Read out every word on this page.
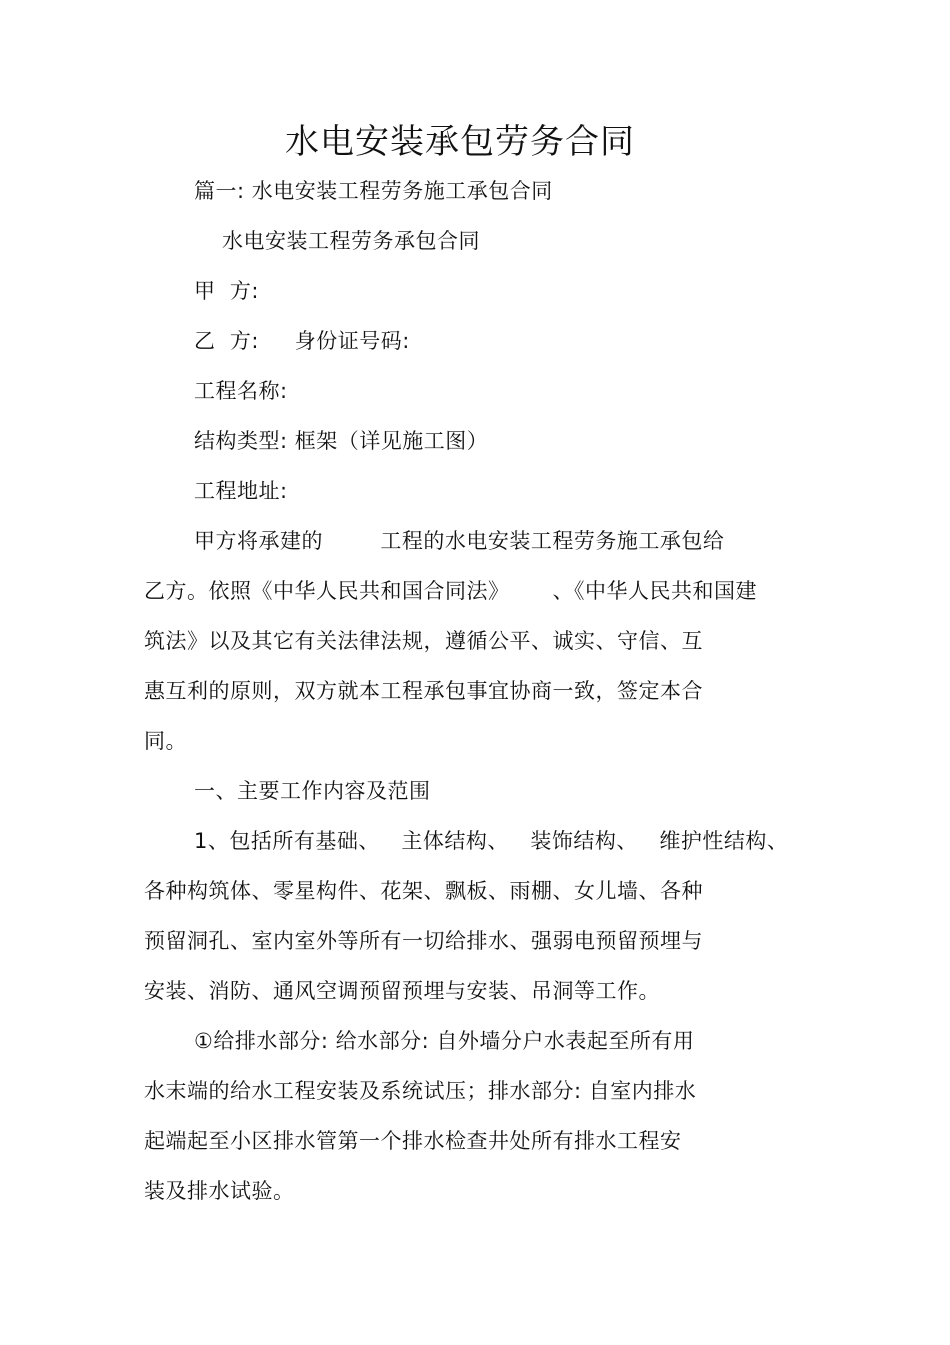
水电安装承包劳务合同
篇一: 水电安装工程劳务施工承包合同
水电安装工程劳务承包合同
甲  方:
乙  方:     身份证号码:
工程名称:
结构类型: 框架（详见施工图）
工程地址:
甲方将承建的        工程的水电安装工程劳务施工承包给
乙方。依照《中华人民共和国合同法》      、《中华人民共和国建
筑法》以及其它有关法律法规，遵循公平、诚实、守信、互
惠互利的原则，双方就本工程承包事宜协商一致，签定本合
同。
一、主要工作内容及范围
1、包括所有基础、   主体结构、   装饰结构、   维护性结构、
各种构筑体、零星构件、花架、飘板、雨棚、女儿墙、各种
预留洞孔、室内室外等所有一切给排水、强弱电预留预埋与
安装、消防、通风空调预留预埋与安装、吊洞等工作。
①给排水部分: 给水部分: 自外墙分户水表起至所有用
水末端的给水工程安装及系统试压；排水部分: 自室内排水
起端起至小区排水管第一个排水检查井处所有排水工程安
装及排水试验。
